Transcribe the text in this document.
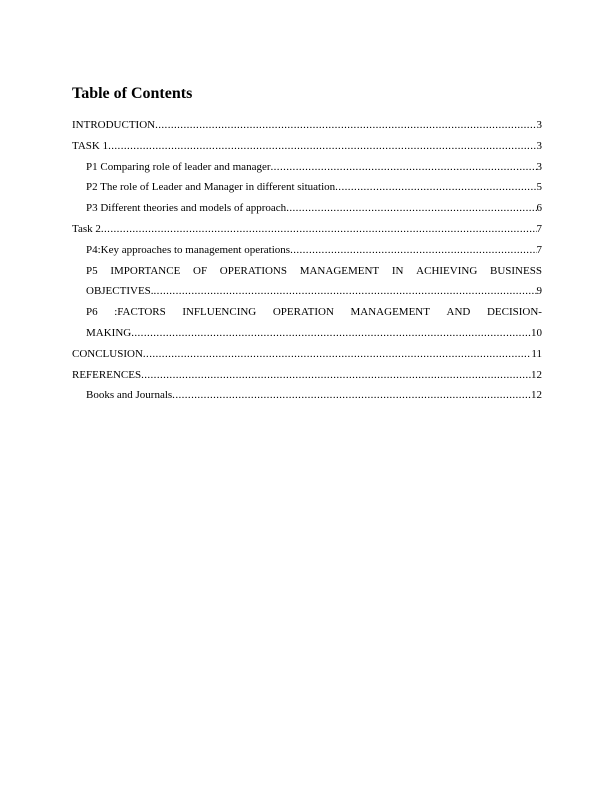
Table of Contents
INTRODUCTION .....	3
TASK 1 .....	3
P1 Comparing role of leader and manager .....	3
P2 The role of Leader and Manager in different situation .....	5
P3 Different theories and models of approach .....	6
Task 2 .....	7
P4:Key approaches to management operations .....	7
P5 IMPORTANCE OF OPERATIONS MANAGEMENT IN ACHIEVING BUSINESS
OBJECTIVES. .....	9
P6 :FACTORS INFLUENCING OPERATION MANAGEMENT AND DECISION-
MAKING .....	10
CONCLUSION .....	11
REFERENCES .....	12
Books and Journals .....	12
